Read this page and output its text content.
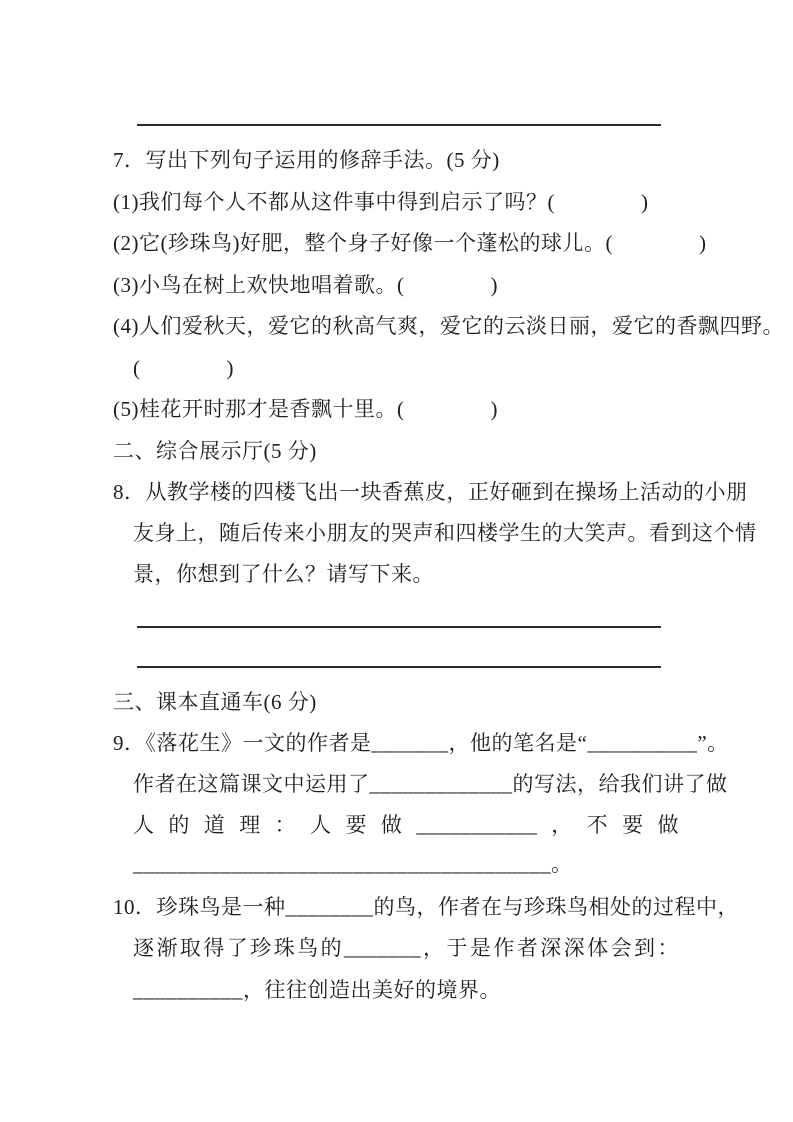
7．写出下列句子运用的修辞手法。(5 分)
(1)我们每个人不都从这件事中得到启示了吗？(　　　　)
(2)它(珍珠鸟)好肥，整个身子好像一个蓬松的球儿。(　　　　)
(3)小鸟在树上欢快地唱着歌。(　　　　)
(4)人们爱秋天，爱它的秋高气爽，爱它的云淡日丽，爱它的香飘四野。
(　　　　)
(5)桂花开时那才是香飘十里。(　　　　)
二、综合展示厅(5 分)
8．从教学楼的四楼飞出一块香蕉皮，正好砸到在操场上活动的小朋
友身上，随后传来小朋友的哭声和四楼学生的大笑声。看到这个情
景，你想到了什么？请写下来。
三、课本直通车(6 分)
9．《落花生》一文的作者是_______，他的笔名是“__________”。
作者在这篇课文中运用了_____________的写法，给我们讲了做
人的道理：人要做___________，不要做
______________________________________。
10．珍珠鸟是一种________的鸟，作者在与珍珠鸟相处的过程中，
逐渐取得了珍珠鸟的_______，于是作者深深体会到：
__________，往往创造出美好的境界。
